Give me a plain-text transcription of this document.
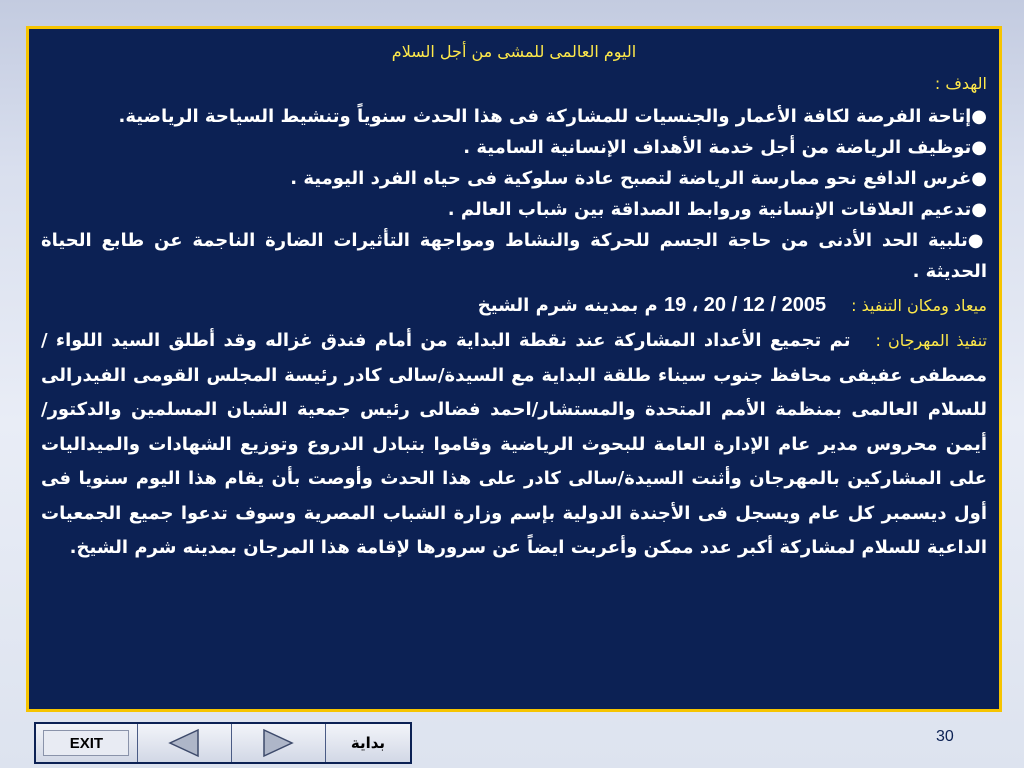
اليوم العالمى للمشى من أجل السلام
الهدف :
●إتاحة الفرصة لكافة الأعمار والجنسيات للمشاركة فى هذا الحدث سنوياً وتنشيط السياحة الرياضية.
●توظيف الرياضة من أجل خدمة الأهداف الإنسانية السامية .
●غرس الدافع نحو ممارسة الرياضة لتصبح عادة سلوكية فى حياه الفرد اليومية .
●تدعيم العلاقات الإنسانية وروابط الصداقة بين شباب العالم .
●تلبية الحد الأدنى من حاجة الجسم للحركة والنشاط ومواجهة التأثيرات الضارة الناجمة عن طابع الحياة الحديثة .
ميعاد ومكان التنفيذ :    19 ، 20 / 12 / 2005 م بمدينه شرم الشيخ
تنفيذ المهرجان :   تم تجميع الأعداد المشاركة عند نقطة البداية من أمام فندق غزاله وقد أطلق السيد اللواء / مصطفى عفيفى محافظ جنوب سيناء طلقة البداية مع السيدة/سالى كادر رئيسة المجلس القومى الفيدرالى للسلام العالمى بمنظمة الأمم المتحدة والمستشار/احمد فضالى رئيس جمعية الشبان المسلمين والدكتور/أيمن محروس مدير عام الإدارة العامة للبحوث الرياضية وقاموا بتبادل الدروع وتوزيع الشهادات والميداليات على المشاركين بالمهرجان وأثنت السيدة/سالى كادر على هذا الحدث وأوصت بأن يقام هذا اليوم سنويا فى أول ديسمبر كل عام ويسجل فى الأجندة الدولية بإسم وزارة الشباب المصرية وسوف تدعوا جميع الجمعيات الداعية للسلام لمشاركة أكبر عدد ممكن وأعربت ايضاً عن سرورها لإقامة هذا المرجان بمدينه شرم الشيخ.
30
EXIT	بداية
